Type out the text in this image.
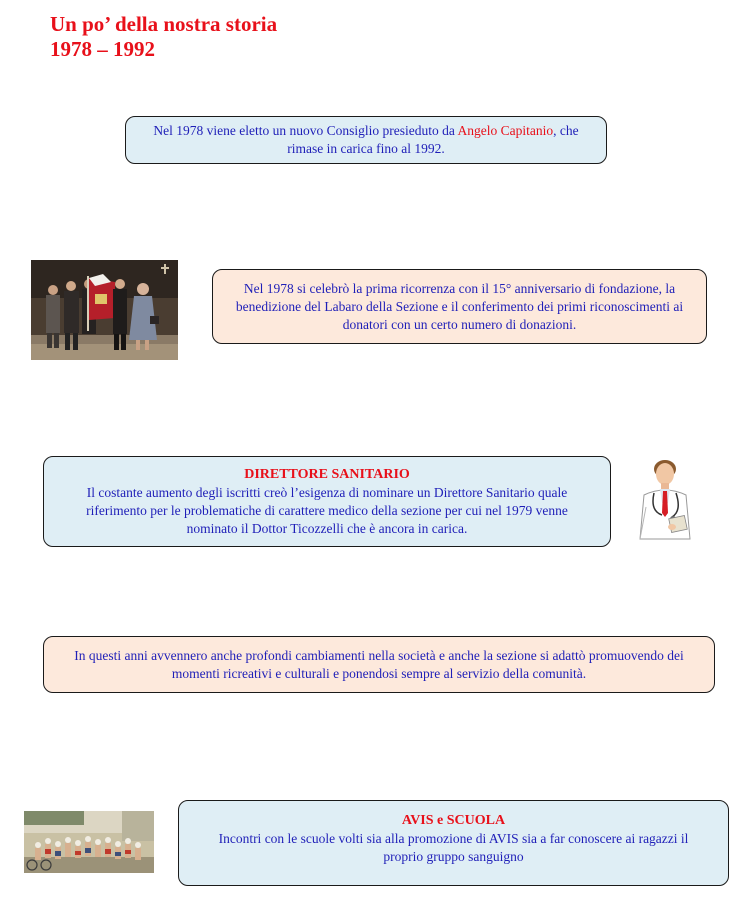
Un po’ della nostra storia
1978 – 1992
Nel 1978 viene eletto un nuovo Consiglio presieduto da Angelo Capitanio, che rimase in carica fino al 1992.
Nel 1978 si celebrò la prima ricorrenza con il 15° anniversario di fondazione, la benedizione del Labaro della Sezione e il conferimento dei primi riconoscimenti ai donatori con un certo numero di donazioni.
DIRETTORE SANITARIO
Il costante aumento degli iscritti creò l’esigenza di nominare un Direttore Sanitario quale riferimento per le problematiche di carattere medico della sezione per cui nel 1979 venne nominato il Dottor Ticozzelli che è ancora in carica.
In questi anni avvennero anche profondi cambiamenti nella società e anche la sezione si adattò promuovendo dei momenti ricreativi e culturali e ponendosi sempre al servizio della comunità.
AVIS e SCUOLA
Incontri con le scuole volti sia alla promozione di AVIS sia a far conoscere ai ragazzi il proprio gruppo sanguigno
